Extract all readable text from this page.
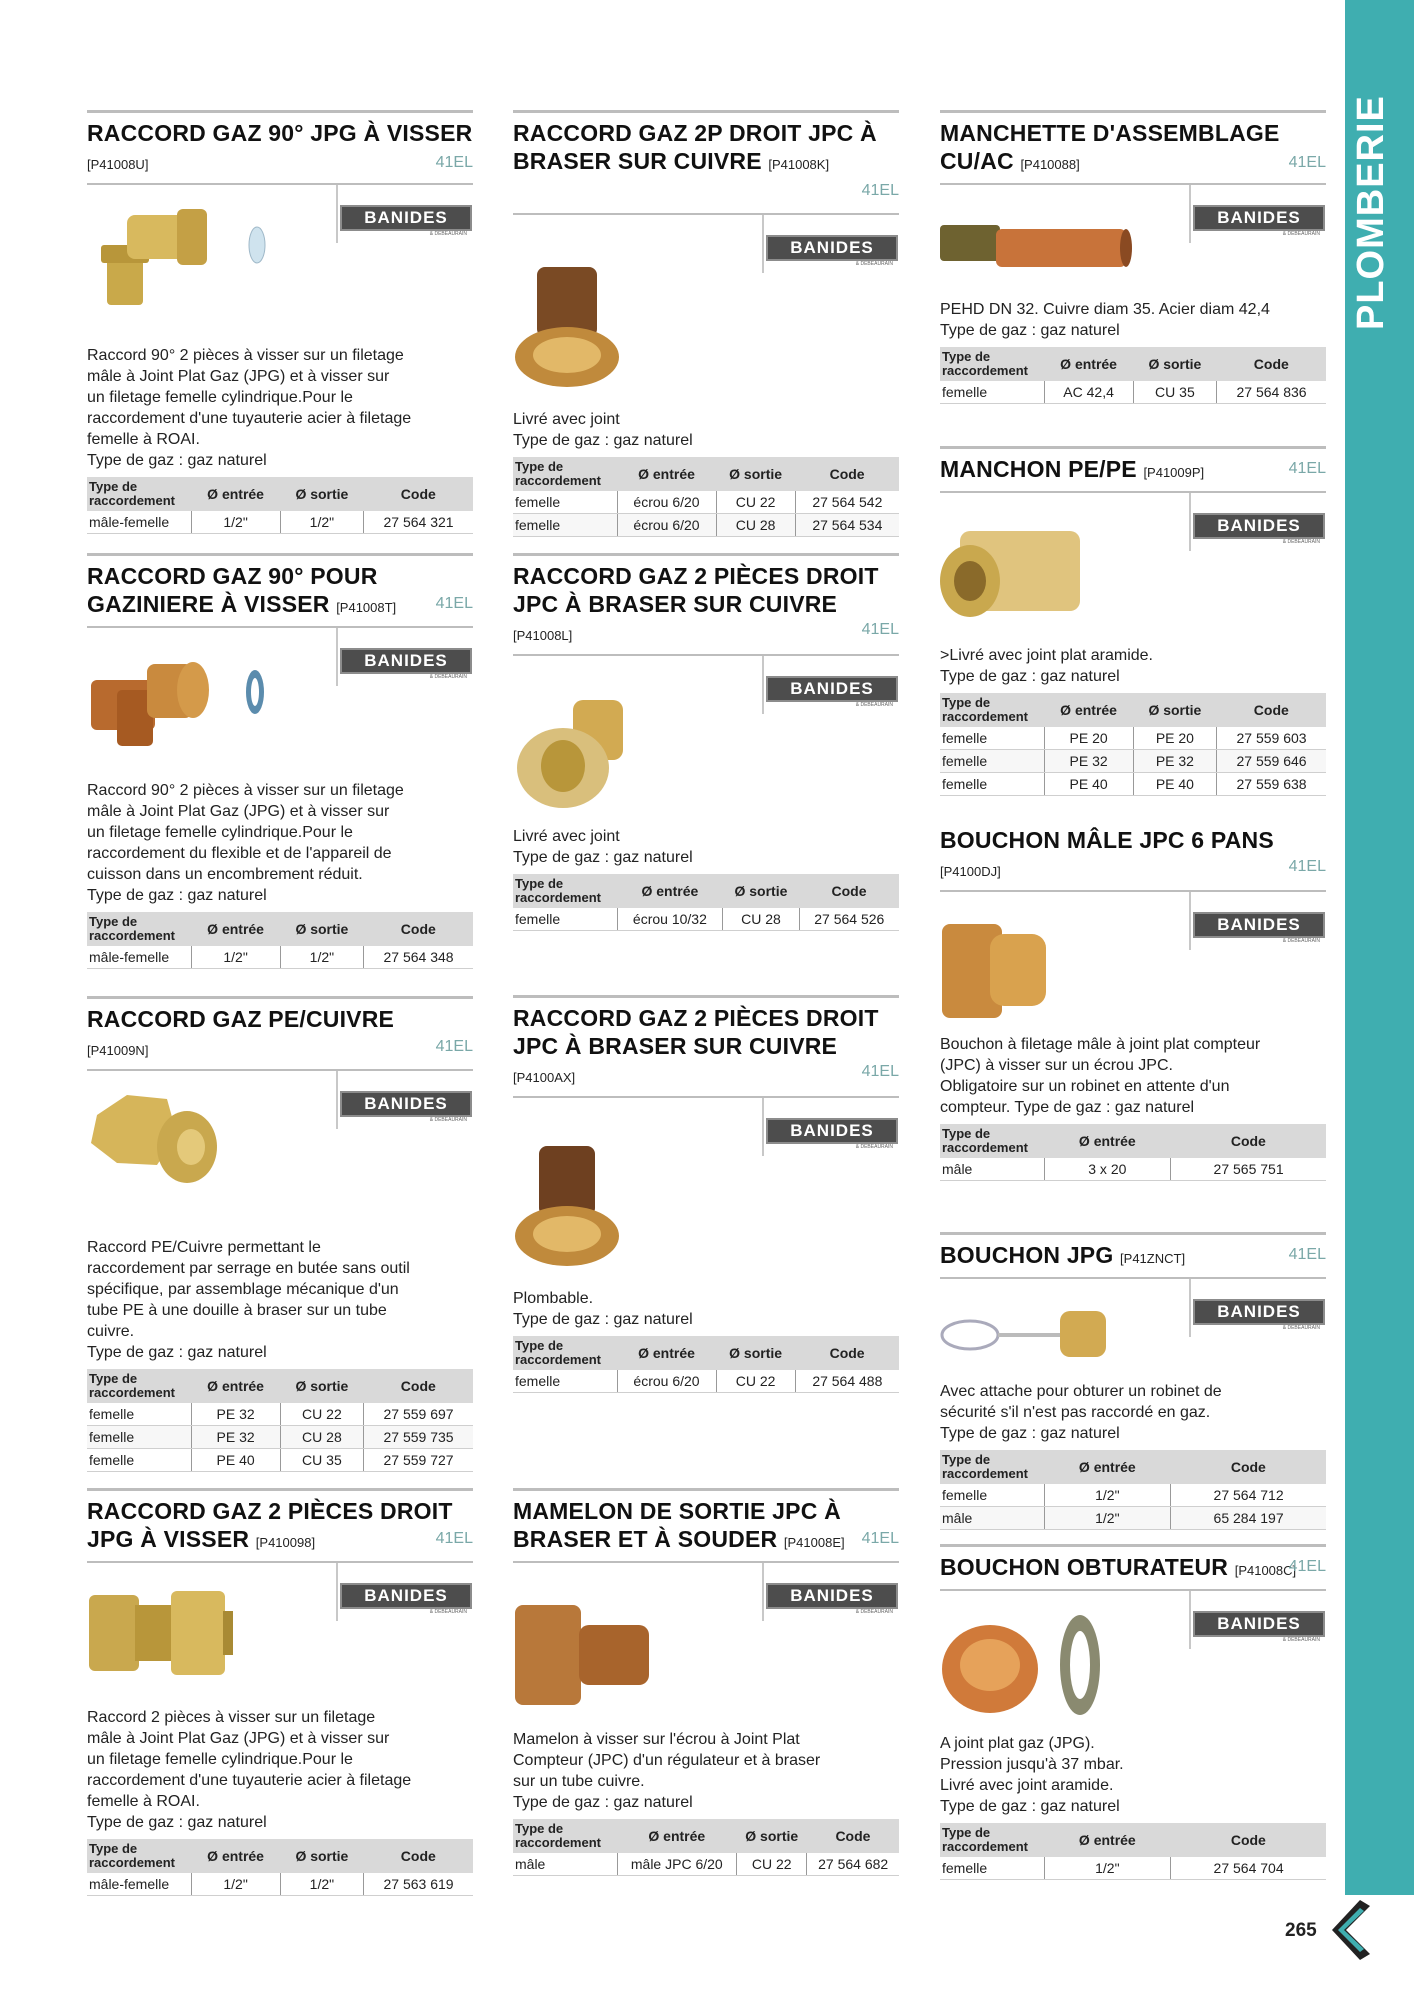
PLOMBERIE
265
RACCORD GAZ 90° JPG À VISSER [P41008U]	41EL
BANIDES
& DEBEAURAIN
Raccord 90° 2 pièces à visser sur un filetage
mâle à Joint Plat Gaz (JPG) et à visser sur
un filetage femelle cylindrique.Pour le
raccordement d'une tuyauterie acier à filetage
femelle à ROAI.
Type de gaz : gaz naturel
Type de raccordement	Ø entrée	Ø sortie	Code
mâle-femelle	1/2"	1/2"	27 564 321
RACCORD GAZ 90° POUR GAZINIERE À VISSER [P41008T]	41EL
BANIDES
& DEBEAURAIN
Raccord 90° 2 pièces à visser sur un filetage
mâle à Joint Plat Gaz (JPG) et à visser sur
un filetage femelle cylindrique.Pour le
raccordement du flexible et de l'appareil de
cuisson dans un encombrement réduit.
Type de gaz : gaz naturel
Type de raccordement	Ø entrée	Ø sortie	Code
mâle-femelle	1/2"	1/2"	27 564 348
RACCORD GAZ PE/CUIVRE
[P41009N]	41EL
BANIDES
& DEBEAURAIN
Raccord PE/Cuivre permettant le
raccordement par serrage en butée sans outil
spécifique, par assemblage mécanique d'un
tube PE à une douille à braser sur un tube
cuivre.
Type de gaz : gaz naturel
Type de raccordement	Ø entrée	Ø sortie	Code
femelle	PE 32	CU 22	27 559 697
femelle	PE 32	CU 28	27 559 735
femelle	PE 40	CU 35	27 559 727
RACCORD GAZ 2 PIÈCES DROIT JPG À VISSER [P410098]	41EL
BANIDES
& DEBEAURAIN
Raccord 2 pièces à visser sur un filetage
mâle à Joint Plat Gaz (JPG) et à visser sur
un filetage femelle cylindrique.Pour le
raccordement d'une tuyauterie acier à filetage
femelle à ROAI.
Type de gaz : gaz naturel
Type de raccordement	Ø entrée	Ø sortie	Code
mâle-femelle	1/2"	1/2"	27 563 619
RACCORD GAZ 2P DROIT JPC À BRASER SUR CUIVRE [P41008K]
41EL
BANIDES
& DEBEAURAIN
Livré avec joint
Type de gaz : gaz naturel
Type de raccordement	Ø entrée	Ø sortie	Code
femelle	écrou 6/20	CU 22	27 564 542
femelle	écrou 6/20	CU 28	27 564 534
RACCORD GAZ 2 PIÈCES DROIT JPC À BRASER SUR CUIVRE [P41008L]	41EL
BANIDES
& DEBEAURAIN
Livré avec joint
Type de gaz : gaz naturel
Type de raccordement	Ø entrée	Ø sortie	Code
femelle	écrou 10/32	CU 28	27 564 526
RACCORD GAZ 2 PIÈCES DROIT JPC À BRASER SUR CUIVRE [P4100AX]	41EL
BANIDES
& DEBEAURAIN
Plombable.
Type de gaz : gaz naturel
Type de raccordement	Ø entrée	Ø sortie	Code
femelle	écrou 6/20	CU 22	27 564 488
MAMELON DE SORTIE JPC À BRASER ET À SOUDER [P41008E]	41EL
BANIDES
& DEBEAURAIN
Mamelon à visser sur l'écrou à Joint Plat
Compteur (JPC) d'un régulateur et à braser
sur un tube cuivre.
Type de gaz : gaz naturel
Type de raccordement	Ø entrée	Ø sortie	Code
mâle	mâle JPC 6/20	CU 22	27 564 682
MANCHETTE D'ASSEMBLAGE CU/AC [P410088]	41EL
BANIDES
& DEBEAURAIN
PEHD DN 32. Cuivre diam 35. Acier diam 42,4
Type de gaz : gaz naturel
Type de raccordement	Ø entrée	Ø sortie	Code
femelle	AC 42,4	CU 35	27 564 836
MANCHON PE/PE [P41009P]	41EL
BANIDES
& DEBEAURAIN
>Livré avec joint plat aramide.
Type de gaz : gaz naturel
Type de raccordement	Ø entrée	Ø sortie	Code
femelle	PE 20	PE 20	27 559 603
femelle	PE 32	PE 32	27 559 646
femelle	PE 40	PE 40	27 559 638
BOUCHON MÂLE JPC 6 PANS
[P4100DJ]	41EL
BANIDES
& DEBEAURAIN
Bouchon à filetage mâle à joint plat compteur
(JPC) à visser sur un écrou JPC.
Obligatoire sur un robinet en attente d'un
compteur. Type de gaz : gaz naturel
Type de raccordement	Ø entrée	Code
mâle	3 x 20	27 565 751
BOUCHON JPG [P41ZNCT]	41EL
BANIDES
& DEBEAURAIN
Avec attache pour obturer un robinet de
sécurité s'il n'est pas raccordé en gaz.
Type de gaz : gaz naturel
Type de raccordement	Ø entrée	Code
femelle	1/2"	27 564 712
mâle	1/2"	65 284 197
BOUCHON OBTURATEUR [P41008C]
41EL
BANIDES
& DEBEAURAIN
A joint plat gaz (JPG).
Pression jusqu'à 37 mbar.
Livré avec joint aramide.
Type de gaz : gaz naturel
Type de raccordement	Ø entrée	Code
femelle	1/2"	27 564 704
